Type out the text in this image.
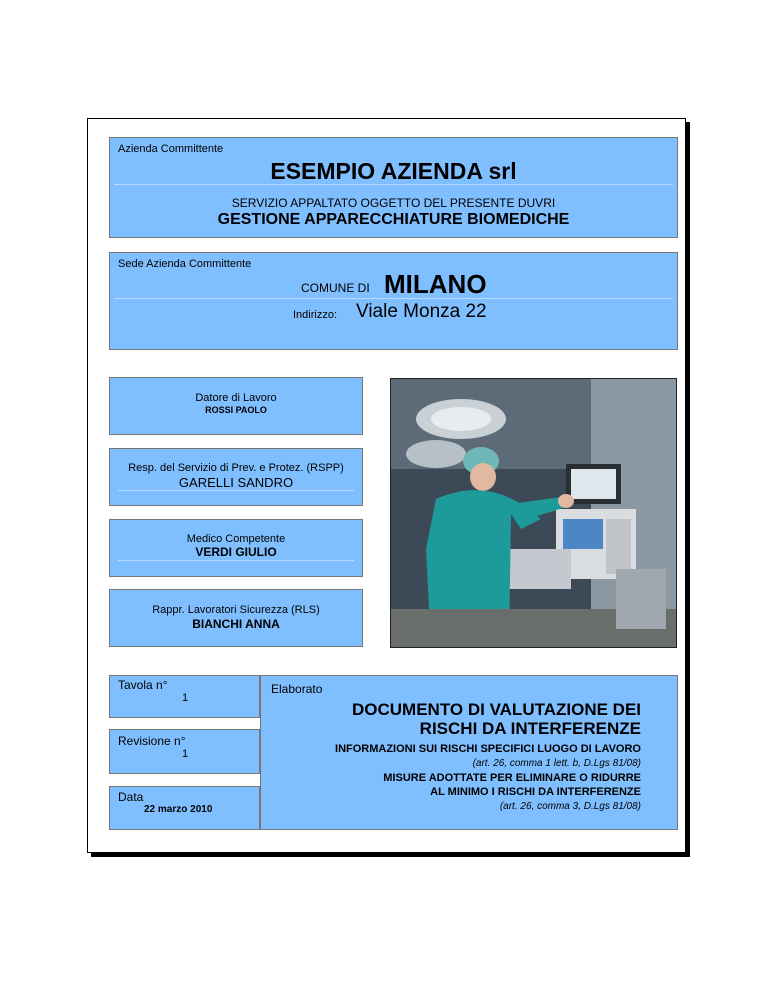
Azienda Committente
ESEMPIO AZIENDA srl
SERVIZIO APPALTATO OGGETTO DEL PRESENTE DUVRI
GESTIONE APPARECCHIATURE BIOMEDICHE
Sede Azienda Committente
COMUNE DI MILANO
Indirizzo: Viale Monza 22
Datore di Lavoro
ROSSI PAOLO
Resp. del Servizio di Prev. e Protez. (RSPP)
GARELLI SANDRO
Medico Competente
VERDI GIULIO
Rappr. Lavoratori Sicurezza (RLS)
BIANCHI ANNA
Tavola n°
1
Revisione n°
1
Data
22 marzo 2010
Elaborato
DOCUMENTO DI VALUTAZIONE DEI
RISCHI DA INTERFERENZE
INFORMAZIONI SUI RISCHI SPECIFICI LUOGO DI LAVORO
(art. 26, comma 1 lett. b, D.Lgs 81/08)
MISURE ADOTTATE PER ELIMINARE O RIDURRE
AL MINIMO I RISCHI DA INTERFERENZE
(art. 26, comma 3, D.Lgs 81/08)
